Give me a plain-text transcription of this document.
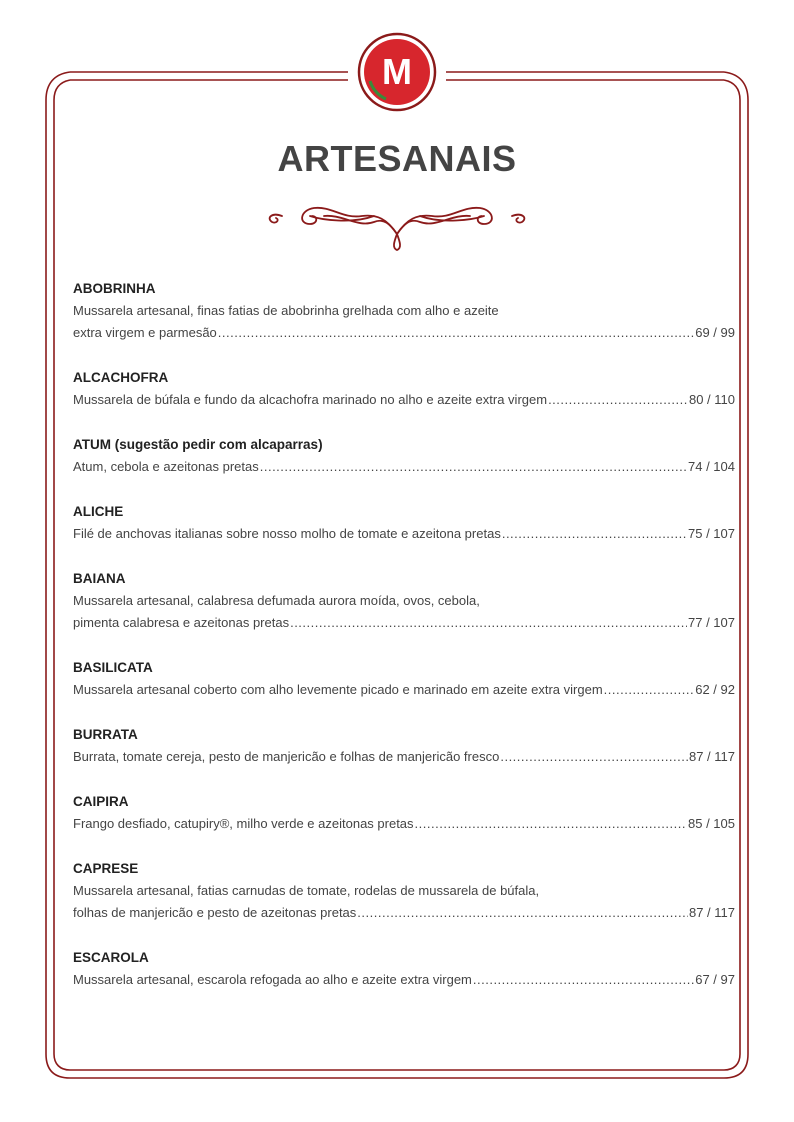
M
ARTESANAIS
ABOBRINHA
Mussarela artesanal, finas fatias de abobrinha grelhada com alho e azeite
extra virgem e parmesão .....	69 / 99
ALCACHOFRA
Mussarela de búfala e fundo da alcachofra marinado no alho e azeite extra virgem .....	80 / 110
ATUM (sugestão pedir com alcaparras)
Atum, cebola e azeitonas pretas .....	74 / 104
ALICHE
Filé de anchovas italianas sobre nosso molho de tomate e azeitona pretas .....	75 / 107
BAIANA
Mussarela artesanal, calabresa defumada aurora moída, ovos, cebola,
pimenta calabresa e azeitonas pretas .....	77 / 107
BASILICATA
Mussarela artesanal coberto com alho levemente picado e marinado em azeite extra virgem .....	62 / 92
BURRATA
Burrata, tomate cereja, pesto de manjericão e folhas de manjericão fresco .....	87 / 117
CAIPIRA
Frango desfiado, catupiry®, milho verde e azeitonas pretas .....	85 / 105
CAPRESE
Mussarela artesanal, fatias carnudas de tomate, rodelas de mussarela de búfala,
folhas de manjericão e pesto de azeitonas pretas .....	87 / 117
ESCAROLA
Mussarela artesanal, escarola refogada ao alho e azeite extra virgem .....	67 / 97
